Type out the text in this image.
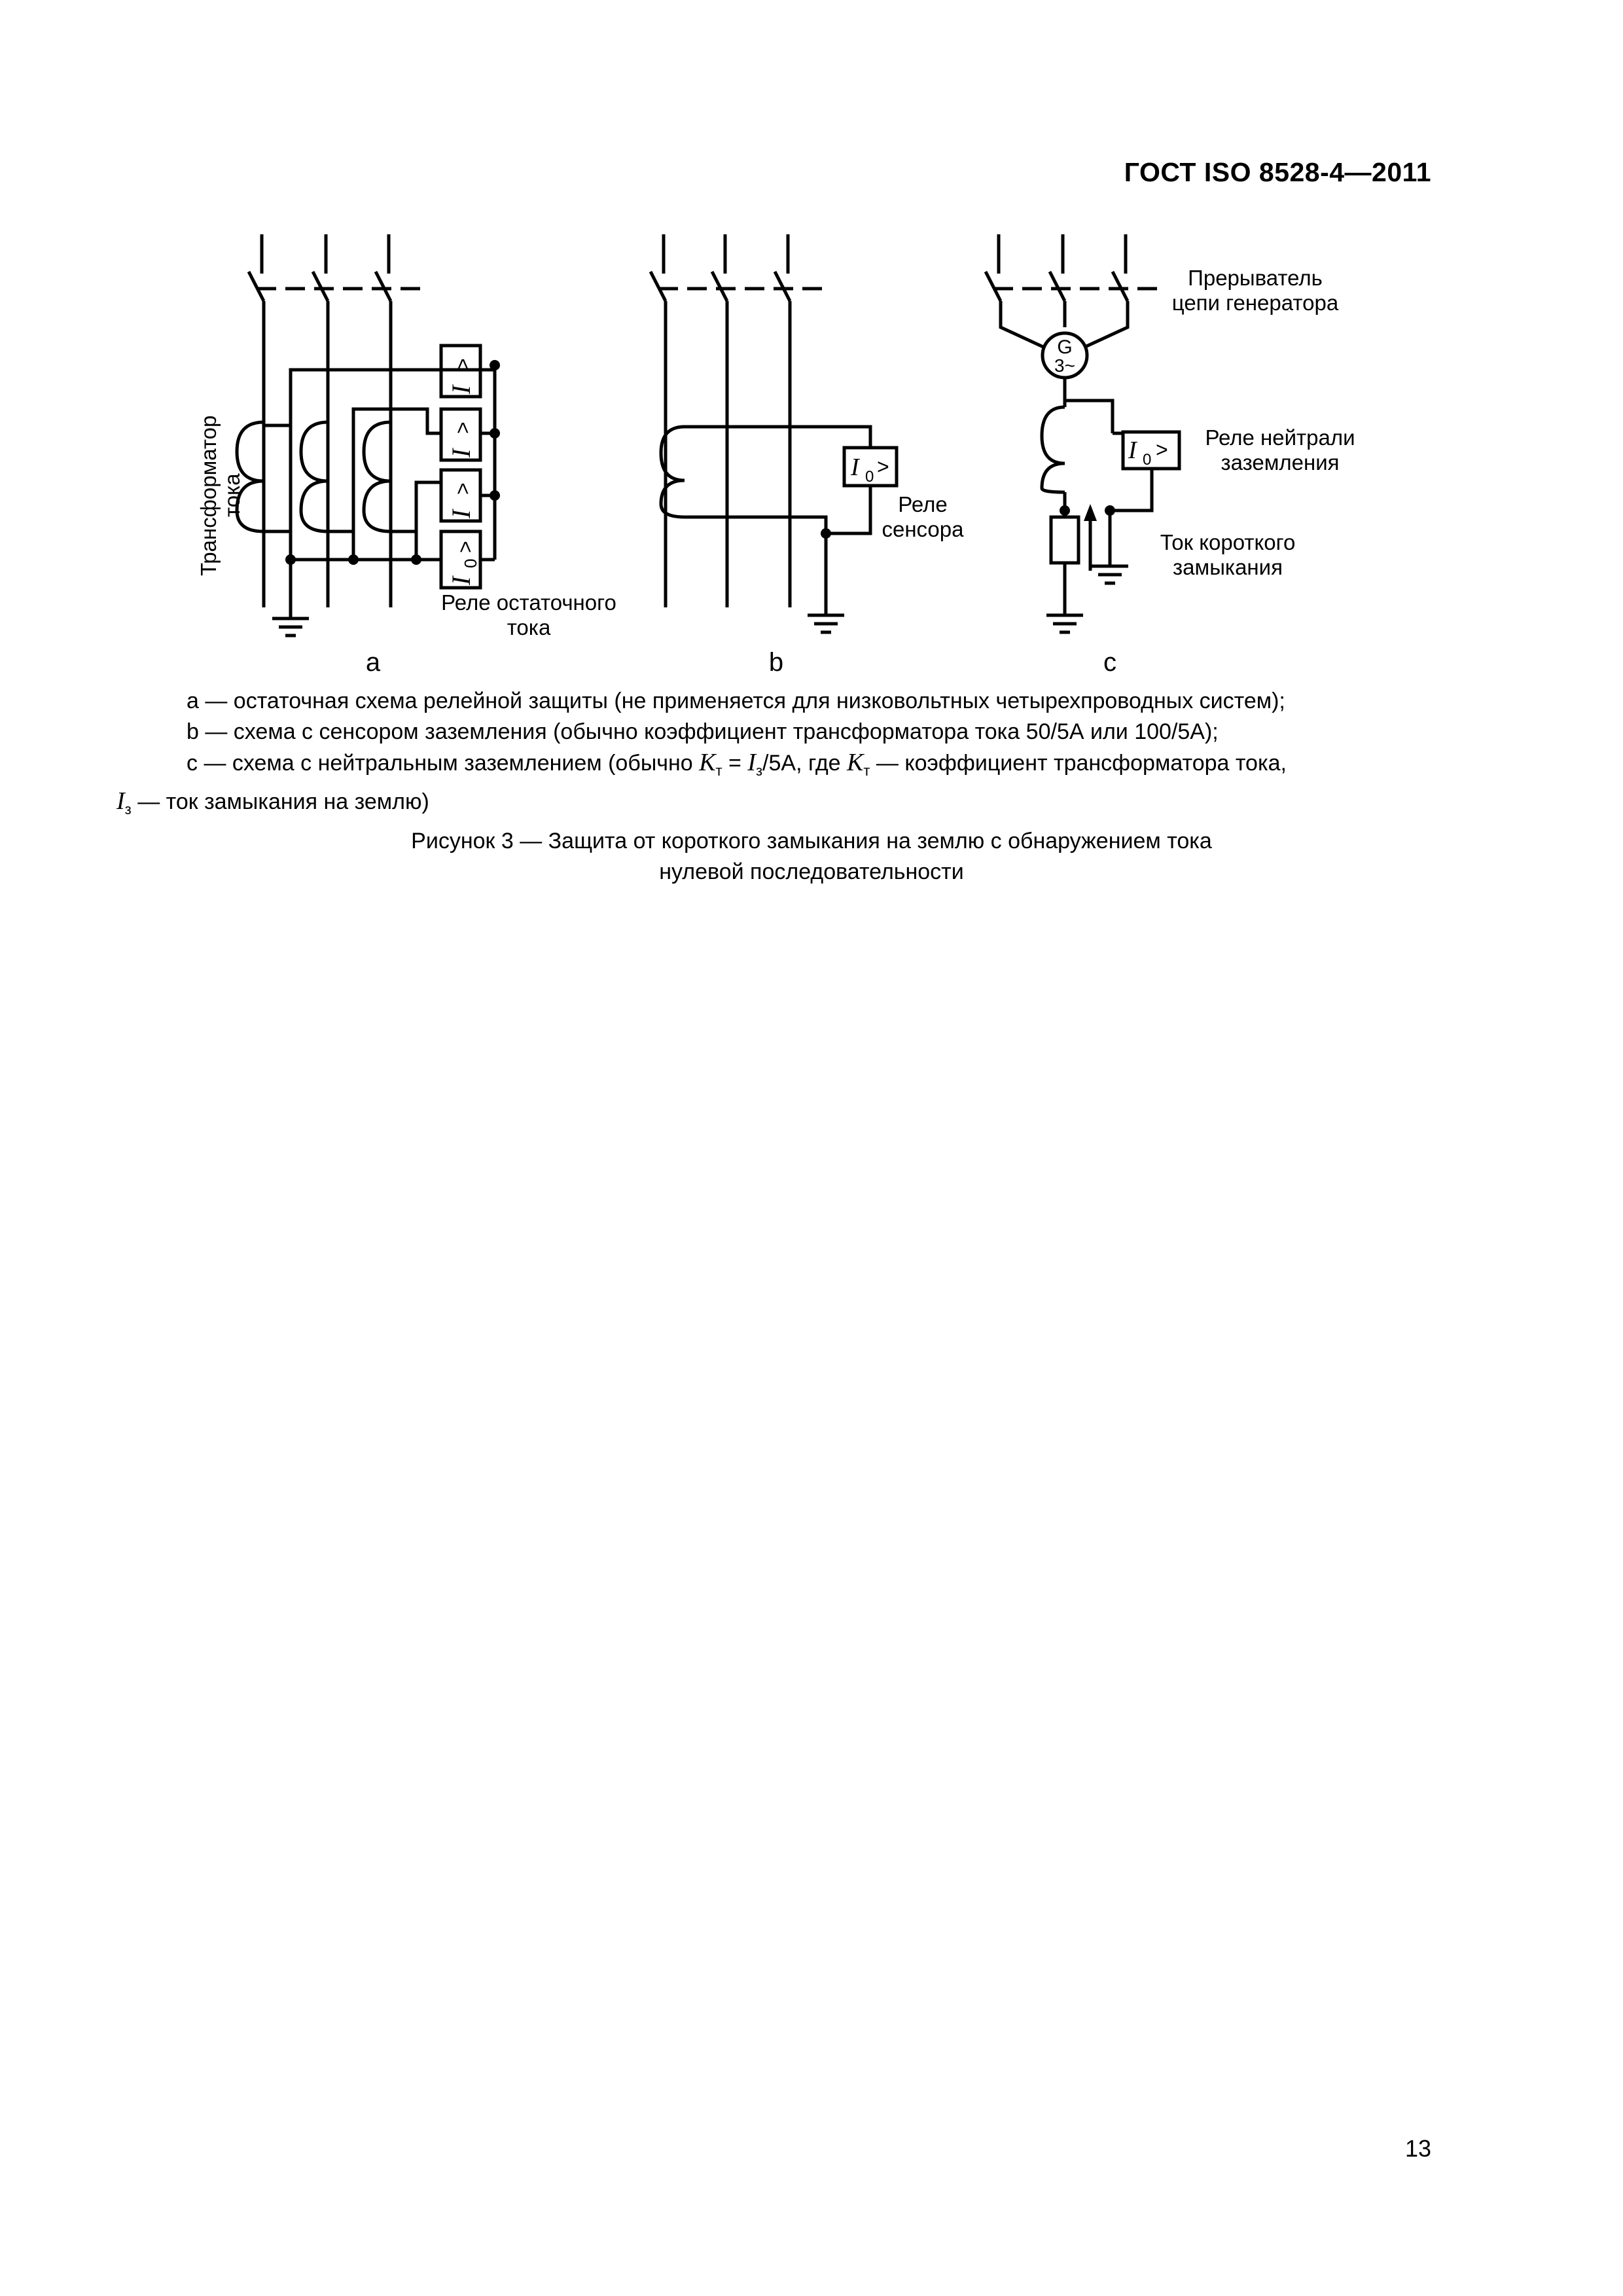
ГОСТ ISO 8528-4—2011
Трансформатор тока
I
I
I
I
>
>
>
>
0
Реле остаточного
тока
a
I 0 >
Реле
сенсора
b
Прерыватель
цепи генератора
G
3~
I 0 > Реле нейтрали
заземления
Ток короткого
замыкания
c

a — остаточная схема релейной защиты (не применяется для низковольтных четырехпроводных систем);

b — схема с сенсором заземления (обычно коэффициент трансформатора тока 50/5А или 100/5А);

c — схема с нейтральным заземлением (обычно $K_т = I_з/5А$, где $K_т$ — коэффициент трансформатора тока,
$I_з$ — ток замыкания на землю)

Рисунок 3 — Защита от короткого замыкания на землю с обнаружением тока
нулевой последовательности
13
